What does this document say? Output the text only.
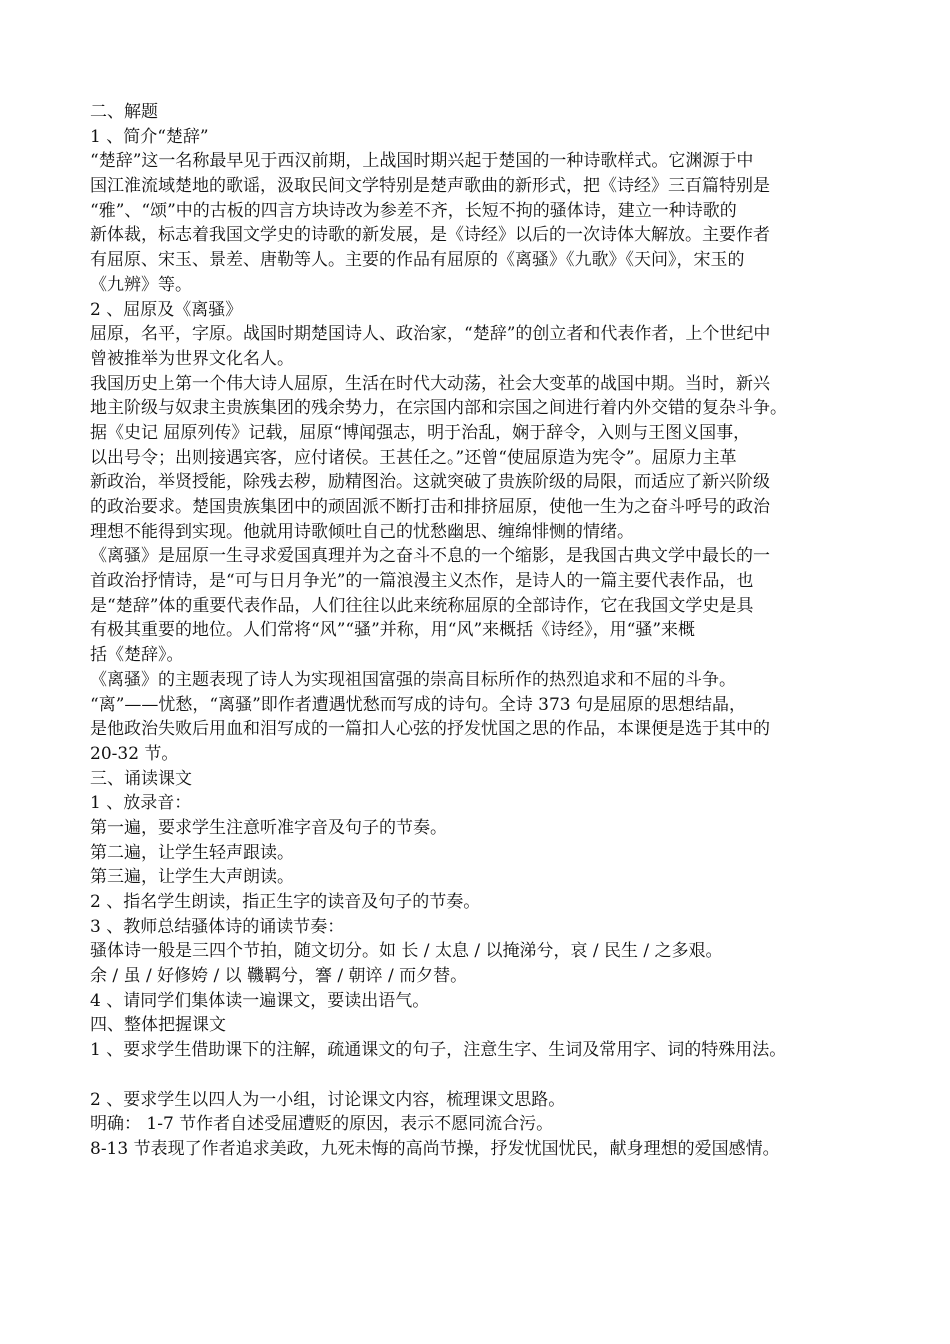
二、解题
1 、简介“楚辞”
“楚辞”这一名称最早见于西汉前期，上战国时期兴起于楚国的一种诗歌样式。它渊源于中
国江淮流域楚地的歌谣，汲取民间文学特别是楚声歌曲的新形式，把《诗经》三百篇特别是
“雅”、“颂”中的古板的四言方块诗改为参差不齐，长短不拘的骚体诗，建立一种诗歌的
新体裁，标志着我国文学史的诗歌的新发展，是《诗经》以后的一次诗体大解放。主要作者
有屈原、宋玉、景差、唐勒等人。主要的作品有屈原的《离骚》《九歌》《天问》，宋玉的
《九辨》等。
2 、屈原及《离骚》
屈原，名平，字原。战国时期楚国诗人、政治家，“楚辞”的创立者和代表作者，上个世纪中
曾被推举为世界文化名人。
我国历史上第一个伟大诗人屈原，生活在时代大动荡，社会大变革的战国中期。当时，新兴
地主阶级与奴隶主贵族集团的残余势力，在宗国内部和宗国之间进行着内外交错的复杂斗争。
据《史记 屈原列传》记载，屈原“博闻强志，明于治乱，娴于辞令，入则与王图义国事，
以出号令；出则接遇宾客，应付诸侯。王甚任之。”还曾“使屈原造为宪令”。屈原力主革
新政治，举贤授能，除残去秽，励精图治。这就突破了贵族阶级的局限，而适应了新兴阶级
的政治要求。楚国贵族集团中的顽固派不断打击和排挤屈原，使他一生为之奋斗呼号的政治
理想不能得到实现。他就用诗歌倾吐自己的忧愁幽思、缠绵悱恻的情绪。
《离骚》是屈原一生寻求爱国真理并为之奋斗不息的一个缩影，是我国古典文学中最长的一
首政治抒情诗，是“可与日月争光”的一篇浪漫主义杰作，是诗人的一篇主要代表作品，也
是“楚辞”体的重要代表作品，人们往往以此来统称屈原的全部诗作，它在我国文学史是具
有极其重要的地位。人们常将“风”“骚”并称，用“风”来概括《诗经》，用“骚”来概
括《楚辞》。
《离骚》的主题表现了诗人为实现祖国富强的崇高目标所作的热烈追求和不屈的斗争。
“离”——忧愁，“离骚”即作者遭遇忧愁而写成的诗句。全诗 373 句是屈原的思想结晶，
是他政治失败后用血和泪写成的一篇扣人心弦的抒发忧国之思的作品，本课便是选于其中的
20-32 节。
三、诵读课文
1 、放录音：
第一遍，要求学生注意听准字音及句子的节奏。
第二遍，让学生轻声跟读。
第三遍，让学生大声朗读。
2 、指名学生朗读，指正生字的读音及句子的节奏。
3 、教师总结骚体诗的诵读节奏：
骚体诗一般是三四个节拍，随文切分。如 长 / 太息 / 以掩涕兮，哀 / 民生 / 之多艰。
余 / 虽 / 好修姱 / 以 鞿羁兮，謇 / 朝谇 / 而夕替。
4 、请同学们集体读一遍课文，要读出语气。
四、整体把握课文
1 、要求学生借助课下的注解，疏通课文的句子，注意生字、生词及常用字、词的特殊用法。
2 、要求学生以四人为一小组，讨论课文内容，梳理课文思路。
明确： 1-7 节作者自述受屈遭贬的原因，表示不愿同流合污。
8-13 节表现了作者追求美政，九死未悔的高尚节操，抒发忧国忧民，献身理想的爱国感情。
